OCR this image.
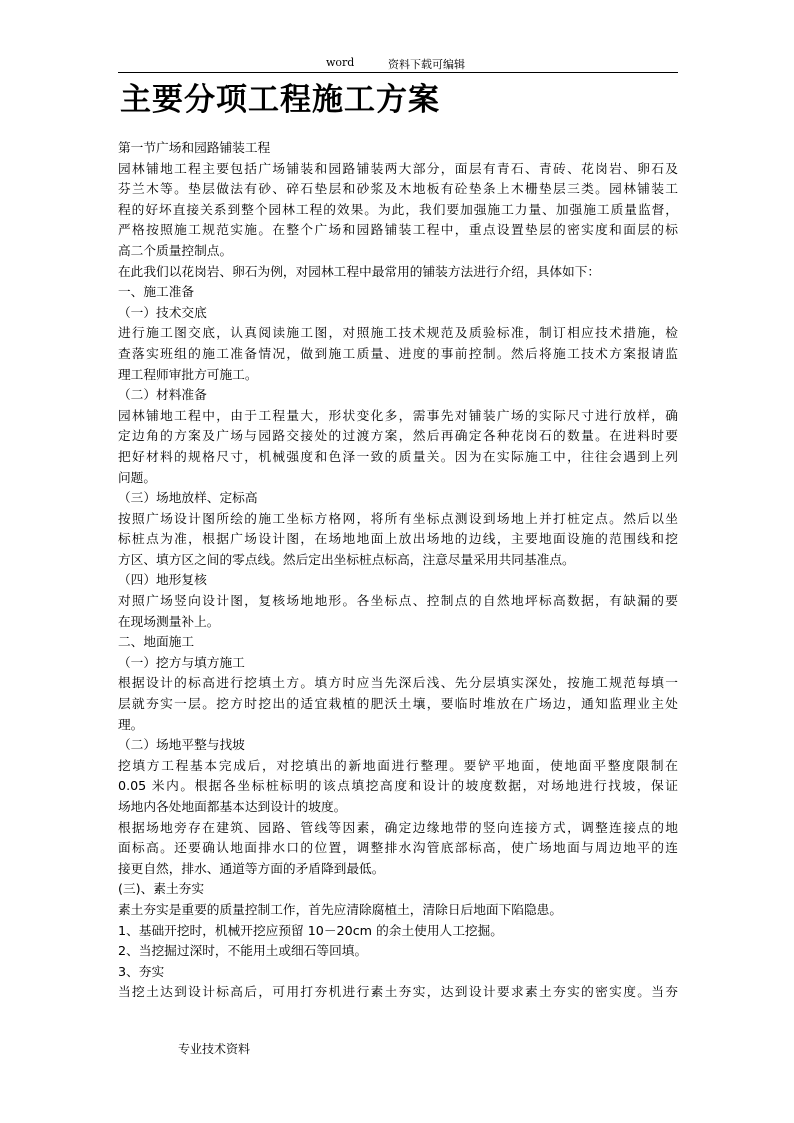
word	资料下载可编辑
主要分项工程施工方案
第一节广场和园路铺装工程
园林铺地工程主要包括广场铺装和园路铺装两大部分，面层有青石、青砖、花岗岩、卵石及
芬兰木等。垫层做法有砂、碎石垫层和砂浆及木地板有砼垫条上木栅垫层三类。园林铺装工
程的好坏直接关系到整个园林工程的效果。为此，我们要加强施工力量、加强施工质量监督，
严格按照施工规范实施。在整个广场和园路铺装工程中，重点设置垫层的密实度和面层的标
高二个质量控制点。
在此我们以花岗岩、卵石为例，对园林工程中最常用的铺装方法进行介绍，具体如下：
一、施工准备
（一）技术交底
进行施工图交底，认真阅读施工图，对照施工技术规范及质验标准，制订相应技术措施，检
查落实班组的施工准备情况，做到施工质量、进度的事前控制。然后将施工技术方案报请监
理工程师审批方可施工。
（二）材料准备
园林铺地工程中，由于工程量大，形状变化多，需事先对铺装广场的实际尺寸进行放样，确
定边角的方案及广场与园路交接处的过渡方案，然后再确定各种花岗石的数量。在进料时要
把好材料的规格尺寸，机械强度和色泽一致的质量关。因为在实际施工中，往往会遇到上列
问题。
（三）场地放样、定标高
按照广场设计图所绘的施工坐标方格网，将所有坐标点测设到场地上并打桩定点。然后以坐
标桩点为准，根据广场设计图，在场地地面上放出场地的边线，主要地面设施的范围线和挖
方区、填方区之间的零点线。然后定出坐标桩点标高，注意尽量采用共同基准点。
（四）地形复核
对照广场竖向设计图，复核场地地形。各坐标点、控制点的自然地坪标高数据，有缺漏的要
在现场测量补上。
二、地面施工
（一）挖方与填方施工
根据设计的标高进行挖填土方。填方时应当先深后浅、先分层填实深处，按施工规范每填一
层就夯实一层。挖方时挖出的适宜栽植的肥沃土壤，要临时堆放在广场边，通知监理业主处
理。
（二）场地平整与找坡
挖填方工程基本完成后，对挖填出的新地面进行整理。要铲平地面，使地面平整度限制在
0.05 米内。根据各坐标桩标明的该点填挖高度和设计的坡度数据，对场地进行找坡，保证
场地内各处地面都基本达到设计的坡度。
根据场地旁存在建筑、园路、管线等因素，确定边缘地带的竖向连接方式，调整连接点的地
面标高。还要确认地面排水口的位置，调整排水沟管底部标高，使广场地面与周边地平的连
接更自然，排水、通道等方面的矛盾降到最低。
(三)、素土夯实
素土夯实是重要的质量控制工作，首先应清除腐植土，清除日后地面下陷隐患。
1、基础开挖时，机械开挖应预留 10－20cm 的余土使用人工挖掘。
2、当挖掘过深时，不能用土或细石等回填。
3、夯实
当挖土达到设计标高后，可用打夯机进行素土夯实，达到设计要求素土夯实的密实度。当夯
专业技术资料
